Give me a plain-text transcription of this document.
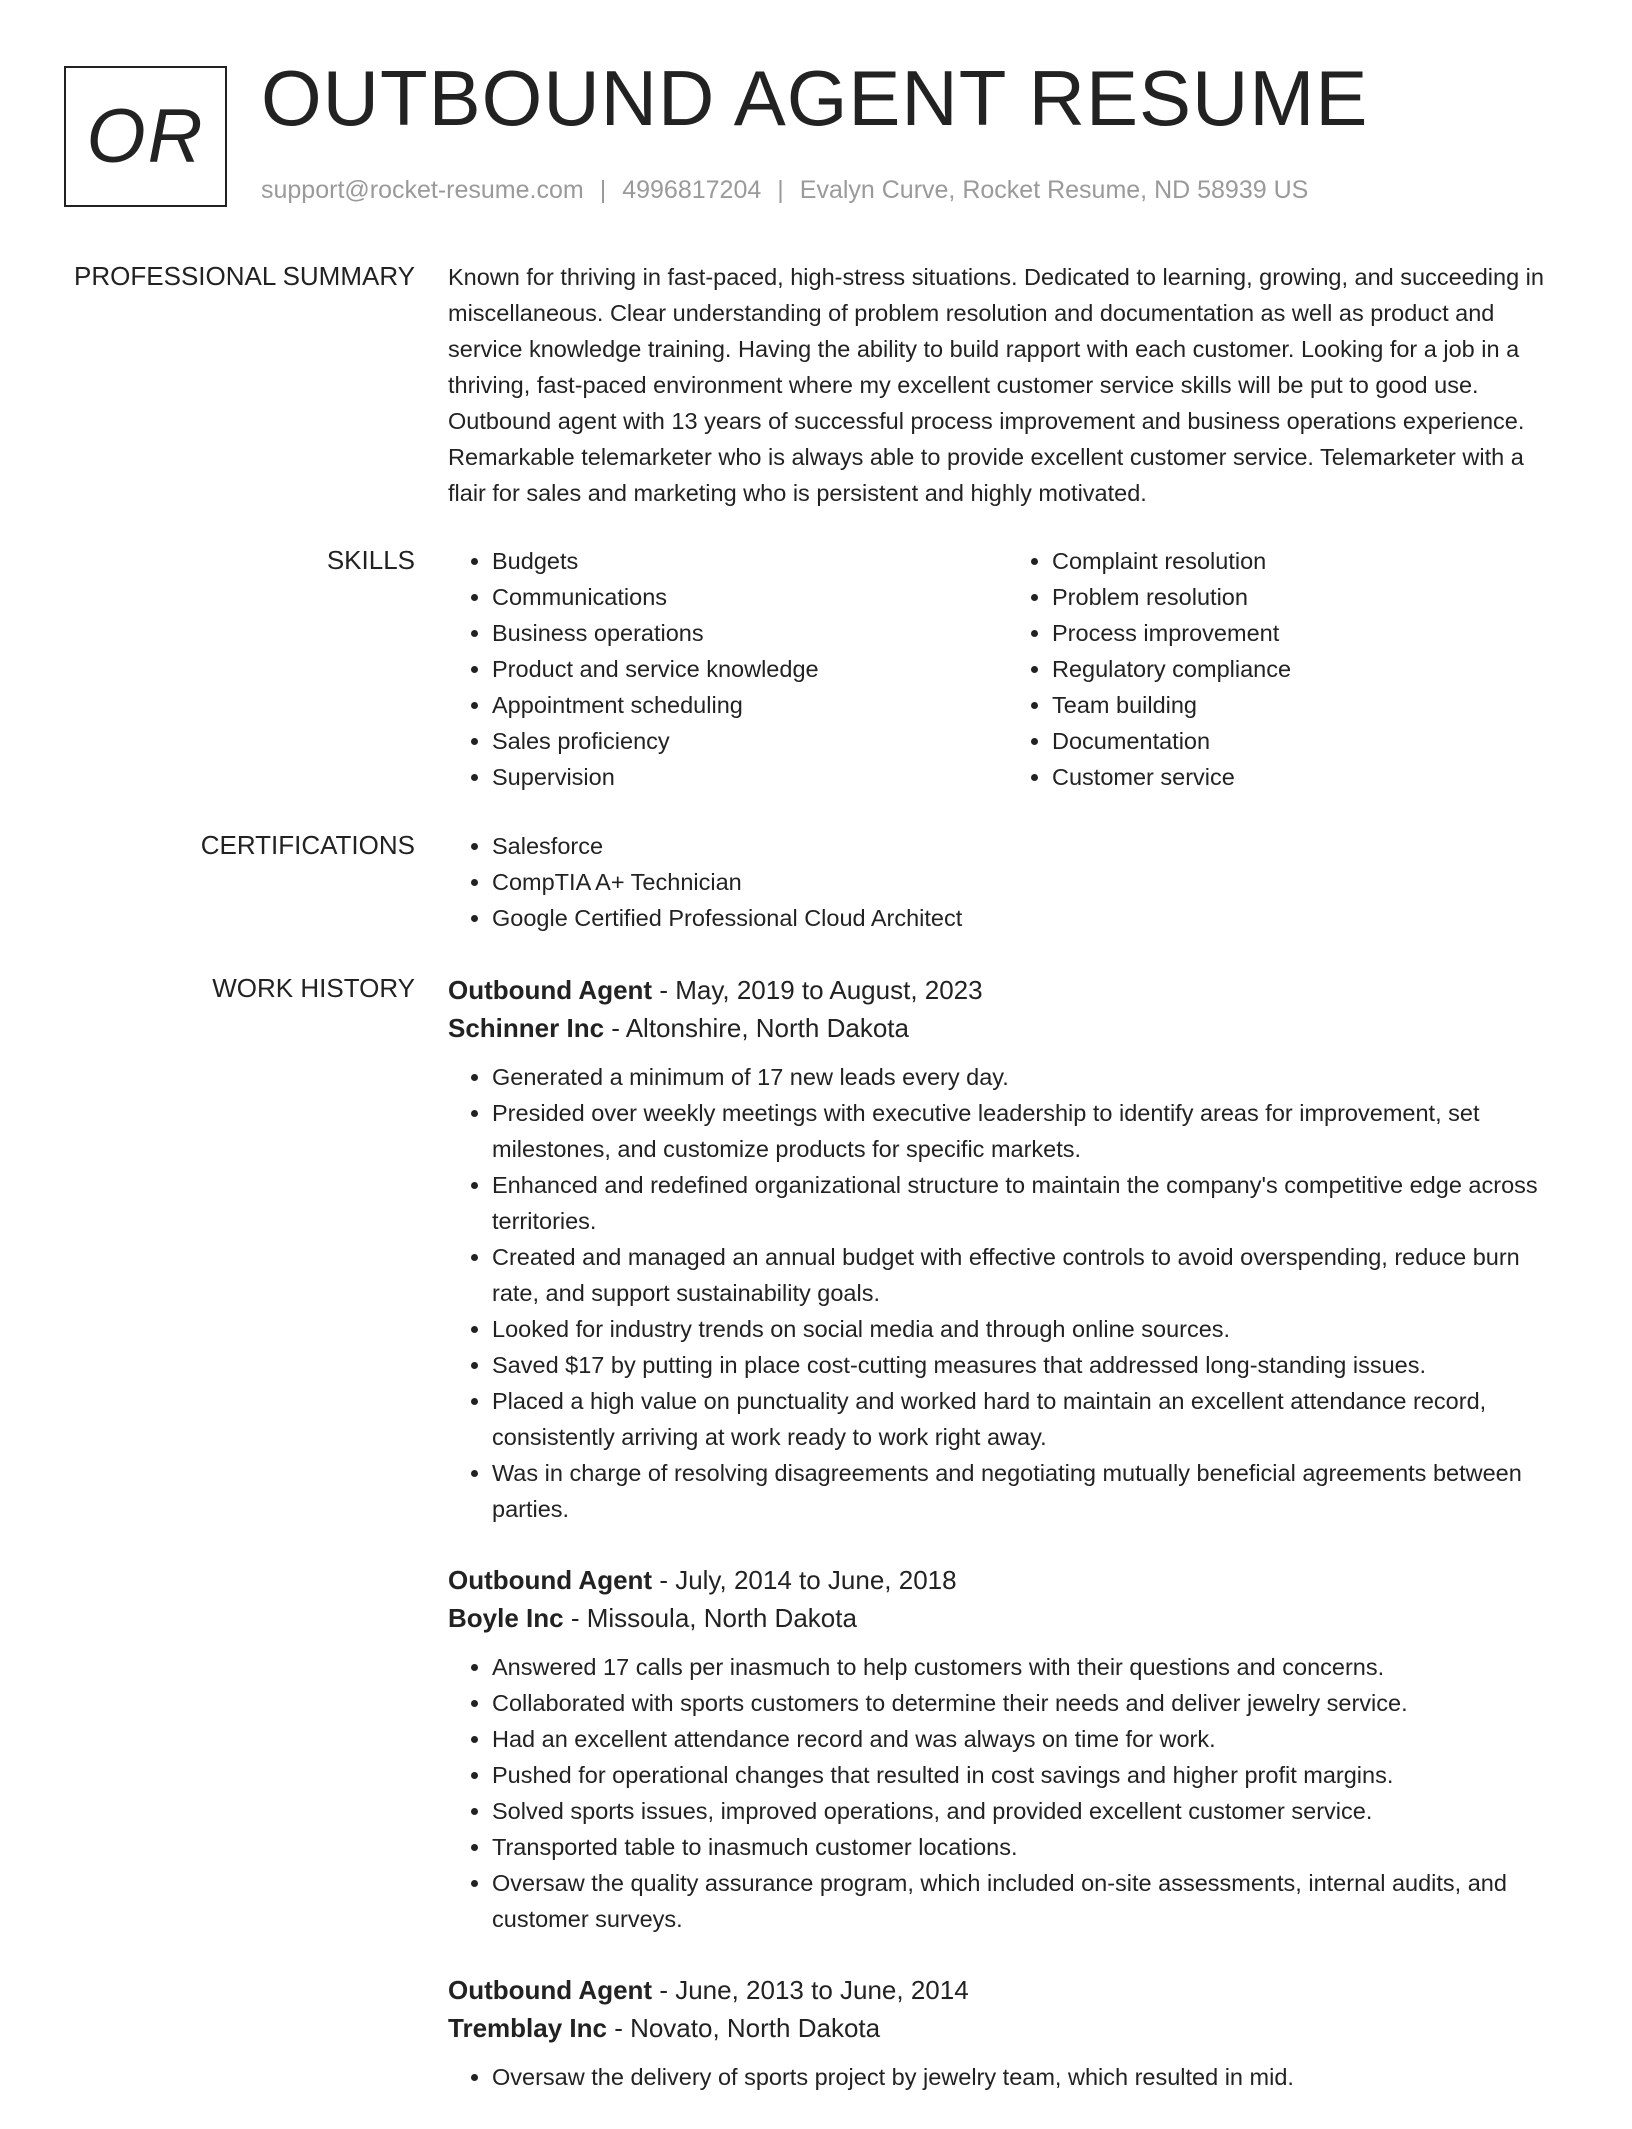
OR OUTBOUND AGENT RESUME
support@rocket-resume.com | 4996817204 | Evalyn Curve, Rocket Resume, ND 58939 US
PROFESSIONAL SUMMARY Known for thriving in fast-paced, high-stress situations. Dedicated to learning, growing, and succeeding in miscellaneous. Clear understanding of problem resolution and documentation as well as product and service knowledge training. Having the ability to build rapport with each customer. Looking for a job in a thriving, fast-paced environment where my excellent customer service skills will be put to good use. Outbound agent with 13 years of successful process improvement and business operations experience. Remarkable telemarketer who is always able to provide excellent customer service. Telemarketer with a flair for sales and marketing who is persistent and highly motivated.

SKILLS	• Budgets
• Communications
• Business operations
• Product and service knowledge
• Appointment scheduling
• Sales proficiency
• Supervision
• Complaint resolution
• Problem resolution
• Process improvement
• Regulatory compliance
• Team building
• Documentation
• Customer service
CERTIFICATIONS	• Salesforce
• CompTIA A+ Technician
• Google Certified Professional Cloud Architect
WORK HISTORY Outbound Agent - May, 2019 to August, 2023
Schinner Inc - Altonshire, North Dakota
• Generated a minimum of 17 new leads every day.
• Presided over weekly meetings with executive leadership to identify areas for improvement, set milestones, and customize products for specific markets.
• Enhanced and redefined organizational structure to maintain the company's competitive edge across territories.
• Created and managed an annual budget with effective controls to avoid overspending, reduce burn rate, and support sustainability goals.
• Looked for industry trends on social media and through online sources.
• Saved $17 by putting in place cost-cutting measures that addressed long-standing issues.
• Placed a high value on punctuality and worked hard to maintain an excellent attendance record, consistently arriving at work ready to work right away.
• Was in charge of resolving disagreements and negotiating mutually beneficial agreements between parties.
Outbound Agent - July, 2014 to June, 2018
Boyle Inc - Missoula, North Dakota
• Answered 17 calls per inasmuch to help customers with their questions and concerns.
• Collaborated with sports customers to determine their needs and deliver jewelry service.
• Had an excellent attendance record and was always on time for work.
• Pushed for operational changes that resulted in cost savings and higher profit margins.
• Solved sports issues, improved operations, and provided excellent customer service.
• Transported table to inasmuch customer locations.
• Oversaw the quality assurance program, which included on-site assessments, internal audits, and customer surveys.
Outbound Agent - June, 2013 to June, 2014
Tremblay Inc - Novato, North Dakota
• Oversaw the delivery of sports project by jewelry team, which resulted in mid.
